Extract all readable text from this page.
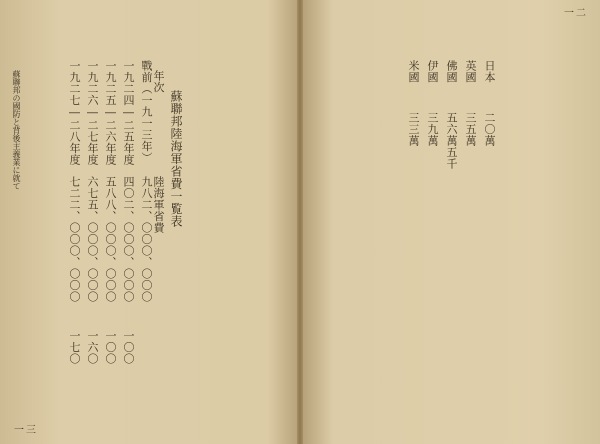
一二
日本
二〇萬
英國
三五萬
佛國
五六萬五千
伊國
三九萬
米國
三三萬
一三
蘇聯邦陸海軍省費一覧表
年次
陸海軍省費
戰前（一九一三年）
九八二、〇〇〇、〇〇〇
一九二四―二五年度
四〇二、〇〇〇、〇〇〇
一〇〇
一九二五―二六年度
五八八、〇〇〇、〇〇〇
一〇〇
一九二六―二七年度
六七五、〇〇〇、〇〇〇
一六〇
一九二七―二八年度
七二二、〇〇〇、〇〇〇
一七〇
蘇聯邦の國防と背後主義業に就て
